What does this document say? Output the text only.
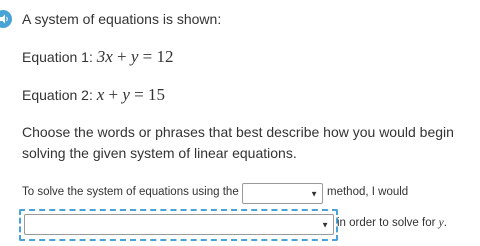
A system of equations is shown:
Equation 1: 3x + y = 12
Equation 2: x + y = 15
Choose the words or phrases that best describe how you would begin solving the given system of linear equations.
To solve the system of equations using the	▼ method, I would
▼ in order to solve for y.
